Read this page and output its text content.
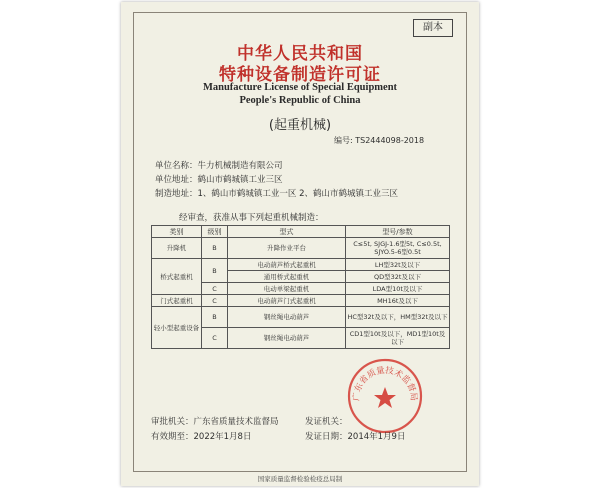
副本
中华人民共和国
特种设备制造许可证
Manufacture License of Special Equipment
People's Republic of China
(起重机械)
编号: TS2444098-2018
单位名称：牛力机械制造有限公司
单位地址：鹤山市鹤城镇工业三区
制造地址：1、鹤山市鹤城镇工业一区 2、鹤山市鹤城镇工业三区
经审查，获准从事下列起重机械制造：
类别	级别	型式	型号/参数
升降机	B	升降作业平台	C≤5t, SJGJ-1.6型5t, C≤0.5t, SJYO.5-6型0.5t
桥式起重机	B	电动葫芦桥式起重机	LH型32t及以下
		通用桥式起重机	QD型32t及以下
	C	电动单梁起重机	LDA型10t及以下
门式起重机	C	电动葫芦门式起重机	MH16t及以下
轻小型起重设备	B	钢丝绳电动葫芦	HC型32t及以下，HM型32t及以下
	C	钢丝绳电动葫芦	CD1型10t及以下，MD1型10t及以下
广东省质量技术监督局
审批机关：广东省质量技术监督局	发证机关：
有效期至：2022年1月8日	发证日期：2014年1月9日
国家质量监督检验检疫总局制
